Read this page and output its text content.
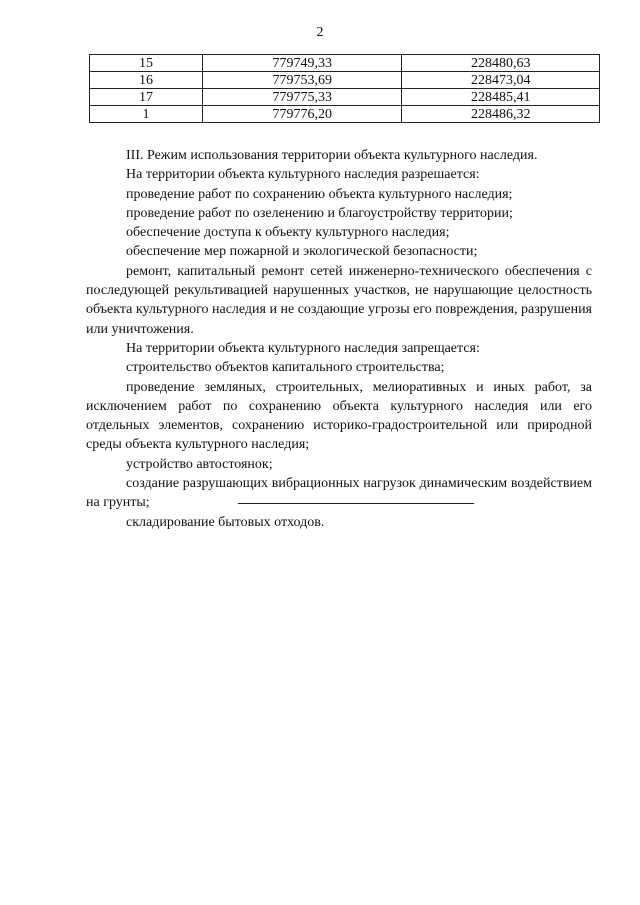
2
15	779749,33	228480,63
16	779753,69	228473,04
17	779775,33	228485,41
1	779776,20	228486,32

III. Режим использования территории объекта культурного наследия.

На территории объекта культурного наследия разрешается:

проведение работ по сохранению объекта культурного наследия;

проведение работ по озеленению и благоустройству территории;

обеспечение доступа к объекту культурного наследия;

обеспечение мер пожарной и экологической безопасности;

ремонт, капитальный ремонт сетей инженерно-технического обеспечения с последующей рекультивацией нарушенных участков, не нарушающие целостность объекта культурного наследия и не создающие угрозы его повреждения, разрушения или уничтожения.

На территории объекта культурного наследия запрещается:

строительство объектов капитального строительства;

проведение земляных, строительных, мелиоративных и иных работ, за исключением работ по сохранению объекта культурного наследия или его отдельных элементов, сохранению историко-градостроительной или природной среды объекта культурного наследия;

устройство автостоянок;

создание разрушающих вибрационных нагрузок динамическим воздействием на грунты;

складирование бытовых отходов.
